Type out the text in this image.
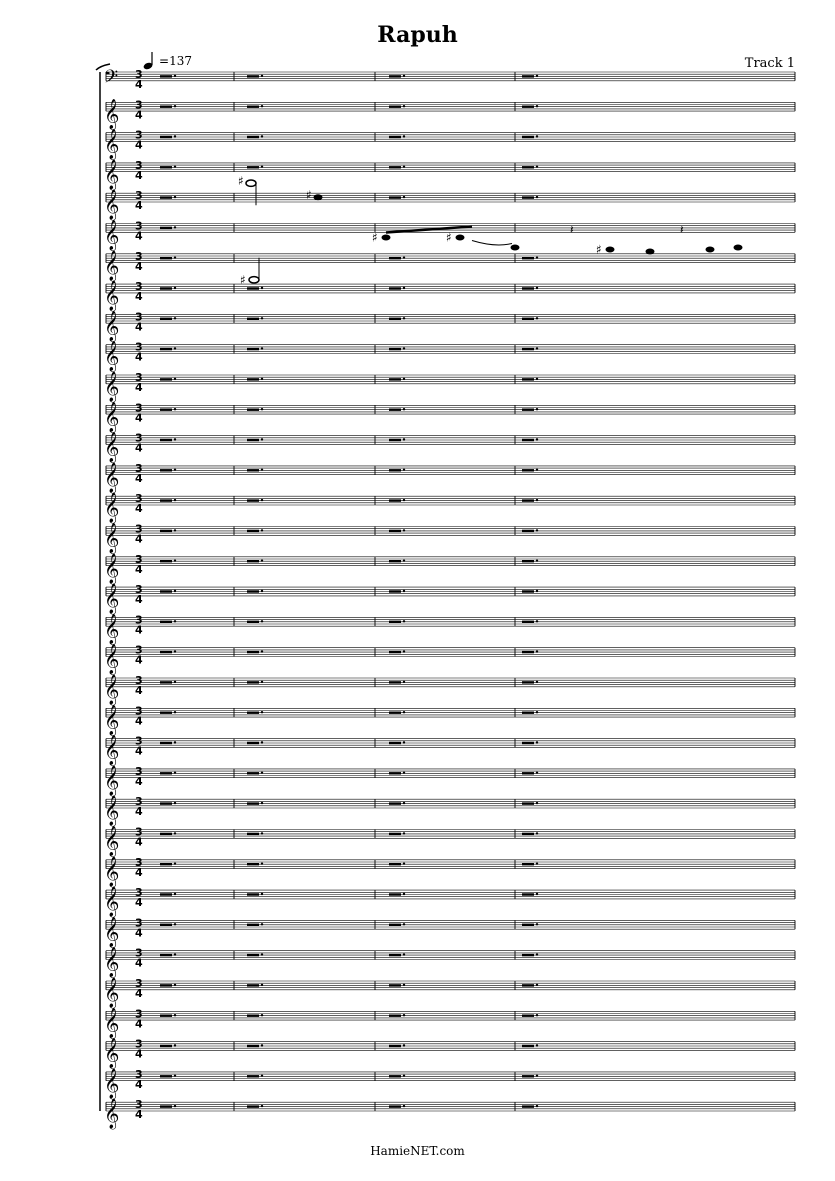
Rapuh
Track 1
= 137
HamieNET.com
𝄢 3
4
𝄞 3
4
𝄞 3
4
𝄞 3
4
𝄞 3
4
♯
♯
𝄞 3
4	♯	♯
♯
𝄽	𝄽
𝄞 3
4
♯
𝄞 3
4
𝄞 3
4
𝄞 3
4
𝄞 3
4
𝄞 3
4
𝄞 3
4
𝄞 3
4
𝄞 3
4
𝄞 3
4
𝄞 3
4
𝄞 3
4
𝄞 3
4
𝄞 3
4
𝄞 3
4
𝄞 3
4
𝄞 3
4
𝄞 3
4
𝄞 3
4
𝄞 3
4
𝄞 3
4
𝄞 3
4
𝄞 3
4
𝄞 3
4
𝄞 3
4
𝄞 3
4
𝄞 3
4
𝄞 3
4
𝄞 3
4
